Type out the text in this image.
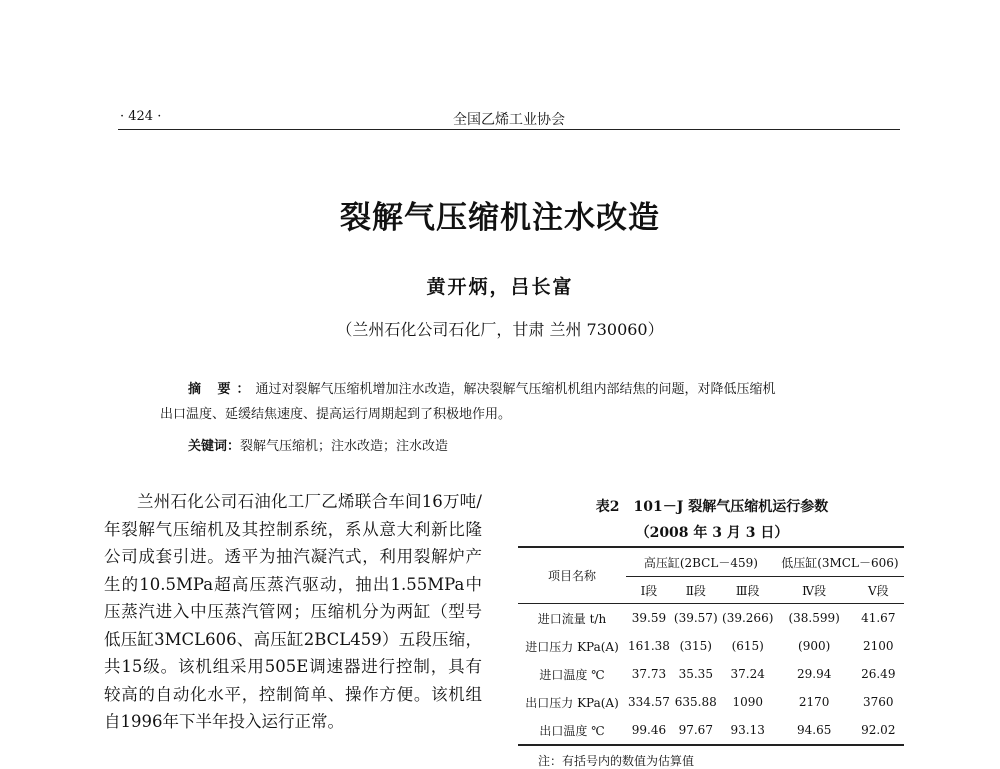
· 424 ·	全国乙烯工业协会
裂解气压缩机注水改造
黄开炳，吕长富
（兰州石化公司石化厂，甘肃 兰州 730060）

摘 要：通过对裂解气压缩机增加注水改造，解决裂解气压缩机机组内部结焦的问题，对降低压缩机

出口温度、延缓结焦速度、提高运行周期起到了积极地作用。

关键词：裂解气压缩机；注水改造；注水改造

兰州石化公司石油化工厂乙烯联合车间16万吨/年裂解气压缩机及其控制系统，系从意大利新比隆公司成套引进。透平为抽汽凝汽式，利用裂解炉产生的10.5MPa超高压蒸汽驱动，抽出1.55MPa中压蒸汽进入中压蒸汽管网；压缩机分为两缸（型号低压缸3MCL606、高压缸2BCL459）五段压缩，共15级。该机组采用505E调速器进行控制，具有较高的自动化水平，控制简单、操作方便。该机组自1996年下半年投入运行正常。

表2　101－J 裂解气压缩机运行参数
（2008 年 3 月 3 日）
项目名称	高压缸(2BCL－459)			低压缸(3MCL－606)	
	Ⅰ段	Ⅱ段	Ⅲ段	Ⅳ段	Ⅴ段
进口流量 t/h	39.59	(39.57)	(39.266)	(38.599)	41.67
进口压力 KPa(A)	161.38	(315)	(615)	(900)	2100
进口温度 ℃	37.73	35.35	37.24	29.94	26.49
出口压力 KPa(A)	334.57	635.88	1090	2170	3760
出口温度 ℃	99.46	97.67	93.13	94.65	92.02
注：有括号内的数值为估算值
